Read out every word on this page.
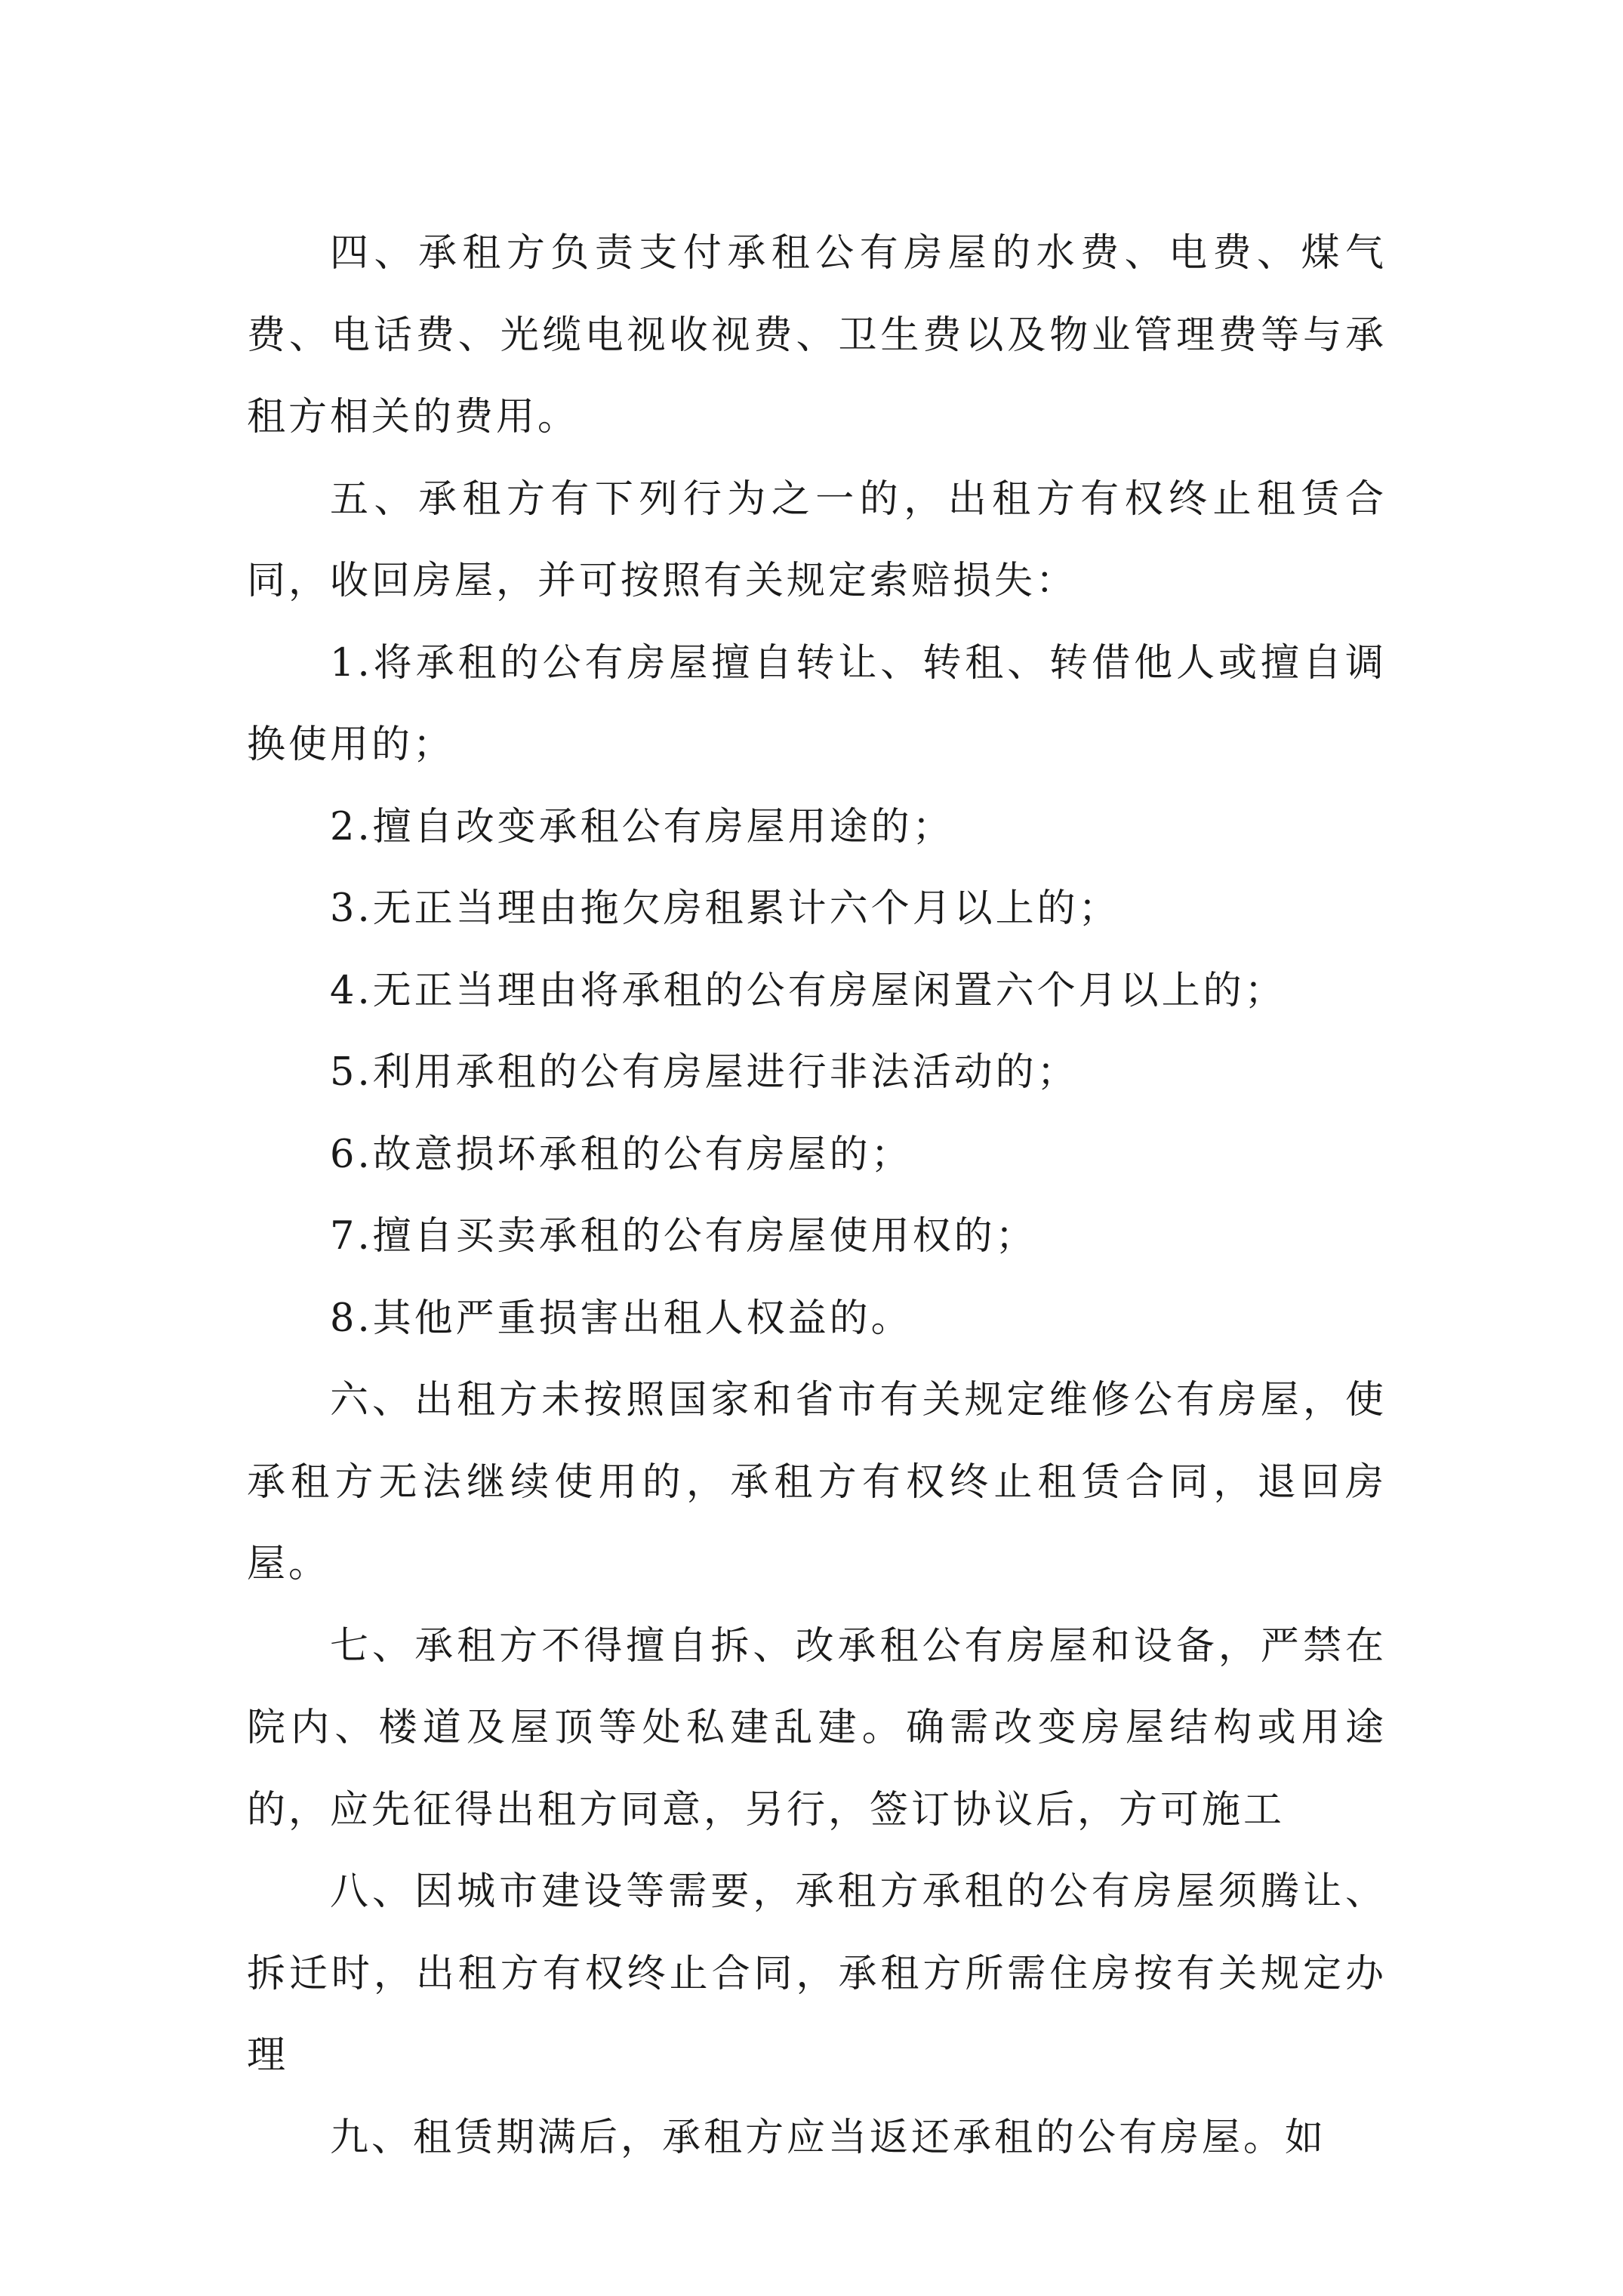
四、承租方负责支付承租公有房屋的水费、电费、煤气费、电话费、光缆电视收视费、卫生费以及物业管理费等与承租方相关的费用。

五、承租方有下列行为之一的，出租方有权终止租赁合同，收回房屋，并可按照有关规定索赔损失：

1.将承租的公有房屋擅自转让、转租、转借他人或擅自调换使用的；

2.擅自改变承租公有房屋用途的；

3.无正当理由拖欠房租累计六个月以上的；

4.无正当理由将承租的公有房屋闲置六个月以上的；

5.利用承租的公有房屋进行非法活动的；

6.故意损坏承租的公有房屋的；

7.擅自买卖承租的公有房屋使用权的；

8.其他严重损害出租人权益的。

六、出租方未按照国家和省市有关规定维修公有房屋，使承租方无法继续使用的，承租方有权终止租赁合同，退回房屋。

七、承租方不得擅自拆、改承租公有房屋和设备，严禁在院内、楼道及屋顶等处私建乱建。确需改变房屋结构或用途的，应先征得出租方同意，另行，签订协议后，方可施工

八、因城市建设等需要，承租方承租的公有房屋须腾让、拆迁时，出租方有权终止合同，承租方所需住房按有关规定办理

九、租赁期满后，承租方应当返还承租的公有房屋。如
